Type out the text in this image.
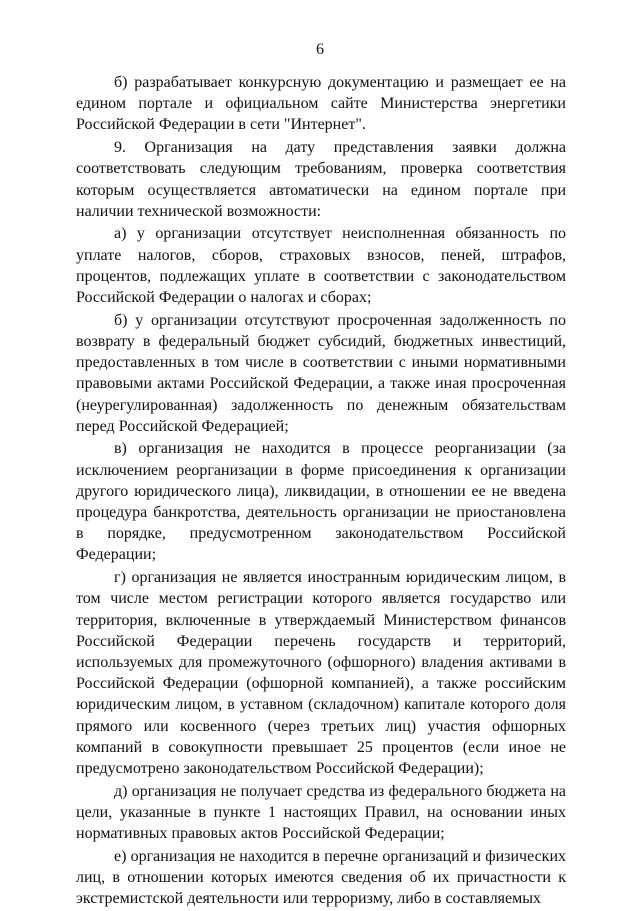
6

б) разрабатывает конкурсную документацию и размещает ее на едином портале и официальном сайте Министерства энергетики Российской Федерации в сети "Интернет".

9. Организация на дату представления заявки должна соответствовать следующим требованиям, проверка соответствия которым осуществляется автоматически на едином портале при наличии технической возможности:

а) у организации отсутствует неисполненная обязанность по уплате налогов, сборов, страховых взносов, пеней, штрафов, процентов, подлежащих уплате в соответствии с законодательством Российской Федерации о налогах и сборах;

б) у организации отсутствуют просроченная задолженность по возврату в федеральный бюджет субсидий, бюджетных инвестиций, предоставленных в том числе в соответствии с иными нормативными правовыми актами Российской Федерации, а также иная просроченная (неурегулированная) задолженность по денежным обязательствам перед Российской Федерацией;

в) организация не находится в процессе реорганизации (за исключением реорганизации в форме присоединения к организации другого юридического лица), ликвидации, в отношении ее не введена процедура банкротства, деятельность организации не приостановлена в порядке, предусмотренном законодательством Российской Федерации;

г) организация не является иностранным юридическим лицом, в том числе местом регистрации которого является государство или территория, включенные в утверждаемый Министерством финансов Российской Федерации перечень государств и территорий, используемых для промежуточного (офшорного) владения активами в Российской Федерации (офшорной компанией), а также российским юридическим лицом, в уставном (складочном) капитале которого доля прямого или косвенного (через третьих лиц) участия офшорных компаний в совокупности превышает 25 процентов (если иное не предусмотрено законодательством Российской Федерации);

д) организация не получает средства из федерального бюджета на цели, указанные в пункте 1 настоящих Правил, на основании иных нормативных правовых актов Российской Федерации;

е) организация не находится в перечне организаций и физических лиц, в отношении которых имеются сведения об их причастности к экстремистской деятельности или терроризму, либо в составляемых
